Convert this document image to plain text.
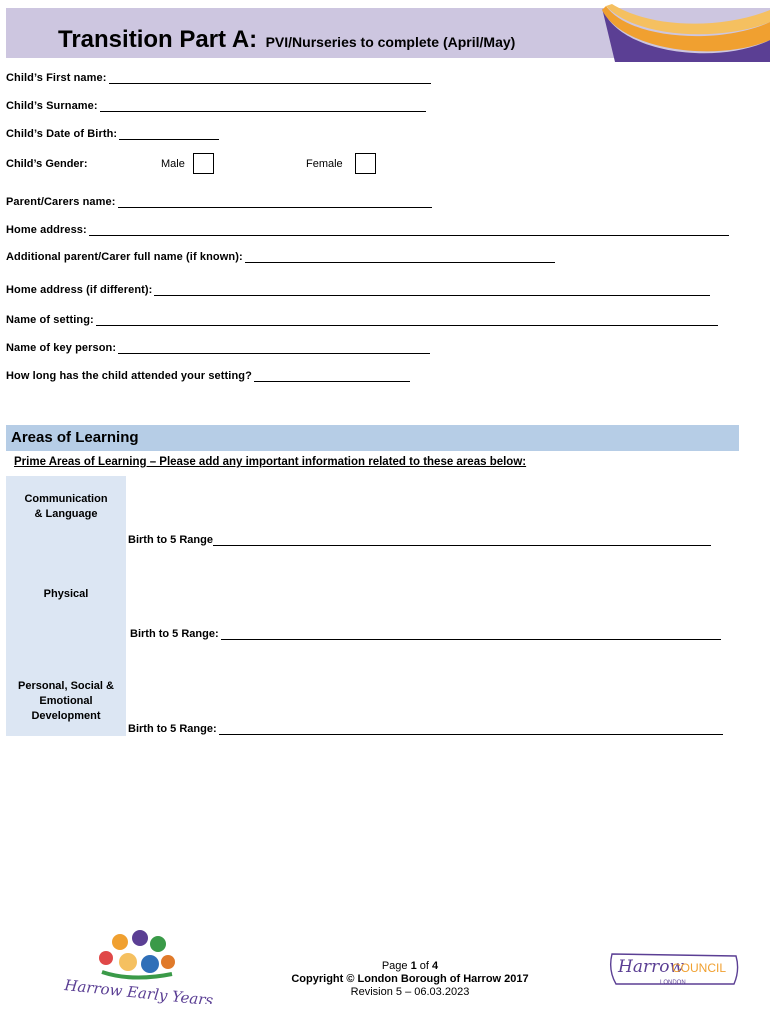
Transition Part A: PVI/Nurseries to complete (April/May)
Child’s First name:
Child’s Surname:
Child’s Date of Birth:
Child’s Gender:	Male	Female
Parent/Carers name:
Home address:
Additional parent/Carer full name (if known):
Home address (if different):
Name of setting:
Name of key person:
How long has the child attended your setting?
Areas of Learning
Prime Areas of Learning – Please add any important information related to these areas below:
Communication
& Language
Birth to 5 Range
Physical
Birth to 5 Range:
Personal, Social &
Emotional
Development
Birth to 5 Range:
Harrow Early Years
Page 1 of 4
Copyright © London Borough of Harrow 2017
Revision 5 – 06.03.2023
Harrow
COUNCIL
LONDON
